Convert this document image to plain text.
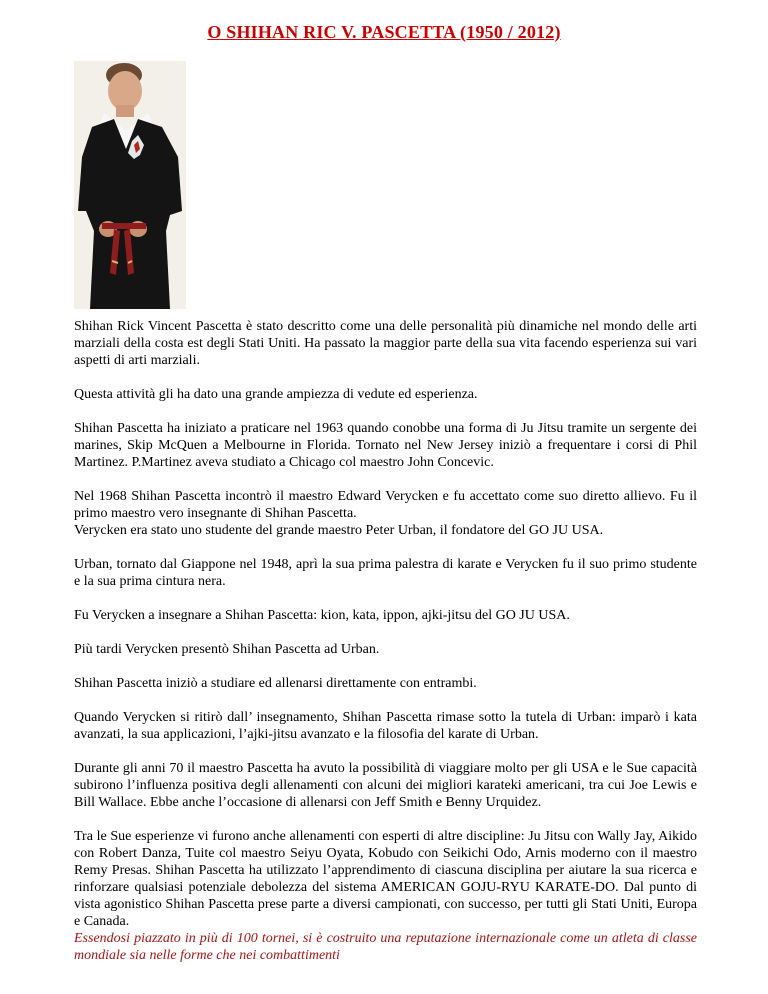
O SHIHAN RIC V. PASCETTA (1950 / 2012)

Shihan Rick Vincent Pascetta è stato descritto come una delle personalità più dinamiche nel mondo delle arti marziali della costa est degli Stati Uniti. Ha passato la maggior parte della sua vita facendo esperienza sui vari aspetti di arti marziali.

Questa attività gli ha dato una grande ampiezza di vedute ed esperienza.

Shihan Pascetta ha iniziato a praticare nel 1963 quando conobbe una forma di Ju Jitsu tramite un sergente dei marines, Skip McQuen a Melbourne in Florida. Tornato nel New Jersey iniziò a frequentare i corsi di Phil Martinez. P.Martinez aveva studiato a Chicago col maestro John Concevic.

Nel 1968 Shihan Pascetta incontrò il maestro Edward Verycken e fu accettato come suo diretto allievo. Fu il primo maestro vero insegnante di Shihan Pascetta.

Verycken era stato uno studente del grande maestro Peter Urban, il fondatore del GO JU USA.

Urban, tornato dal Giappone nel 1948, aprì la sua prima palestra di karate e Verycken fu il suo primo studente e la sua prima cintura nera.

Fu Verycken a insegnare a Shihan Pascetta: kion, kata, ippon, ajki-jitsu del GO JU USA.

Più tardi Verycken presentò Shihan Pascetta ad Urban.

Shihan Pascetta iniziò a studiare ed allenarsi direttamente con entrambi.

Quando Verycken si ritirò dall’ insegnamento, Shihan Pascetta rimase sotto la tutela di Urban: imparò i kata avanzati, la sua applicazioni, l’ajki-jitsu avanzato e la filosofia del karate di Urban.

Durante gli anni 70 il maestro Pascetta ha avuto la possibilità di viaggiare molto per gli USA e le Sue capacità subirono l’influenza positiva degli allenamenti con alcuni dei migliori karateki americani, tra cui Joe Lewis e Bill Wallace. Ebbe anche l’occasione di allenarsi con Jeff Smith e Benny Urquidez.

Tra le Sue esperienze vi furono anche allenamenti con esperti di altre discipline: Ju Jitsu con Wally Jay, Aikido con Robert Danza, Tuite col maestro Seiyu Oyata, Kobudo con Seikichi Odo, Arnis moderno con il maestro Remy Presas. Shihan Pascetta ha utilizzato l’apprendimento di ciascuna disciplina per aiutare la sua ricerca e rinforzare qualsiasi potenziale debolezza del sistema AMERICAN GOJU-RYU KARATE-DO. Dal punto di vista agonistico Shihan Pascetta prese parte a diversi campionati, con successo, per tutti gli Stati Uniti, Europa e Canada.

Essendosi piazzato in più di 100 tornei, si è costruito una reputazione internazionale come un atleta di classe mondiale sia nelle forme che nei combattimenti
